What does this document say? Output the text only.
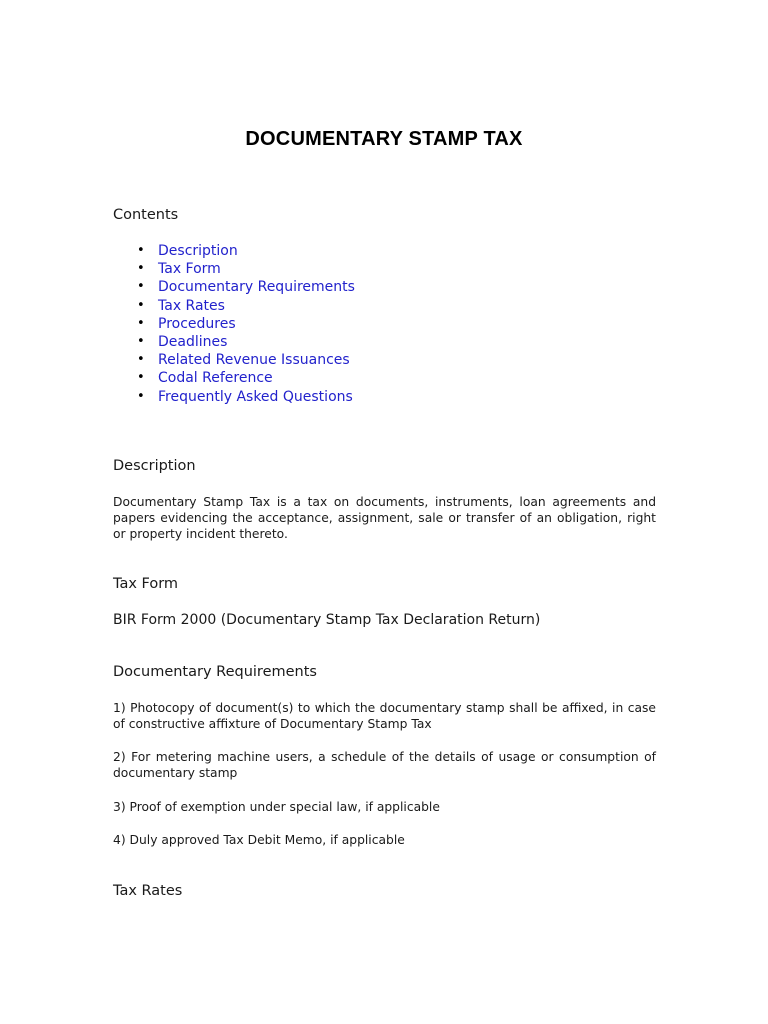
DOCUMENTARY STAMP TAX
Contents
• Description
• Tax Form
• Documentary Requirements
• Tax Rates
• Procedures
• Deadlines
• Related Revenue Issuances
• Codal Reference
• Frequently Asked Questions
Description

Documentary Stamp Tax is a tax on documents, instruments, loan agreements and papers evidencing the acceptance, assignment, sale or transfer of an obligation, right or property incident thereto.

Tax Form

BIR Form 2000 (Documentary Stamp Tax Declaration Return)

Documentary Requirements

1) Photocopy of document(s) to which the documentary stamp shall be affixed, in case of constructive affixture of Documentary Stamp Tax

2) For metering machine users, a schedule of the details of usage or consumption of documentary stamp

3) Proof of exemption under special law, if applicable

4) Duly approved Tax Debit Memo, if applicable

Tax Rates
